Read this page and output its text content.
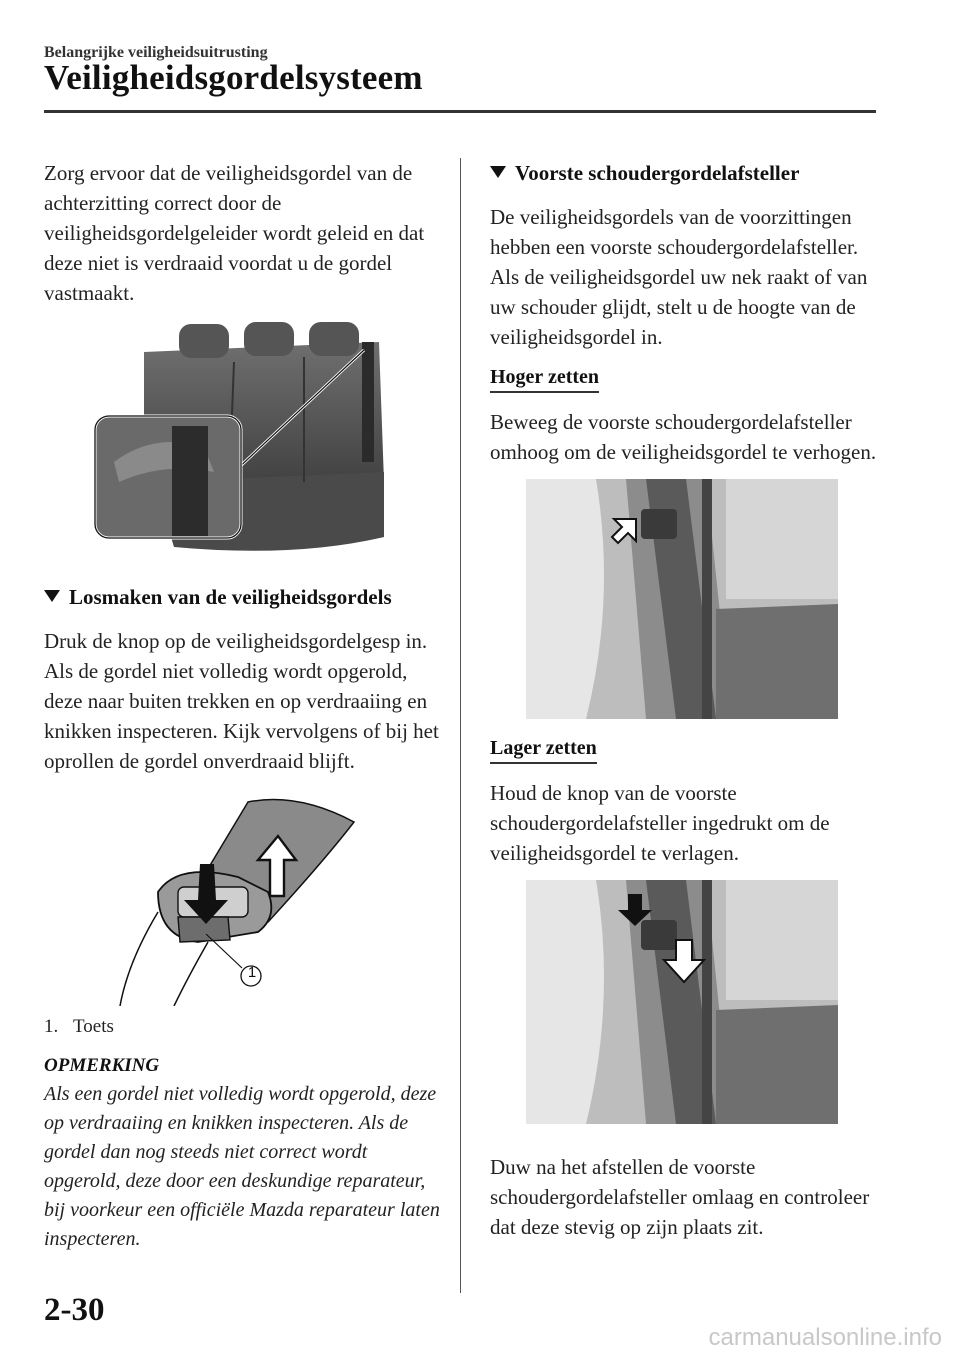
Belangrijke veiligheidsuitrusting
Veiligheidsgordelsysteem

Zorg ervoor dat de veiligheidsgordel van de achterzitting correct door de veiligheidsgordelgeleider wordt geleid en dat deze niet is verdraaid voordat u de gordel vastmaakt.

Losmaken van de veiligheidsgordels

Druk de knop op de veiligheidsgordelgesp in. Als de gordel niet volledig wordt opgerold, deze naar buiten trekken en op verdraaiing en knikken inspecteren. Kijk vervolgens of bij het oprollen de gordel onverdraaid blijft.

1
1. Toets
OPMERKING

Als een gordel niet volledig wordt opgerold, deze op verdraaiing en knikken inspecteren. Als de gordel dan nog steeds niet correct wordt opgerold, deze door een deskundige reparateur, bij voorkeur een officiële Mazda reparateur laten inspecteren.

Voorste schoudergordelafsteller

De veiligheidsgordels van de voorzittingen hebben een voorste schoudergordelafsteller. Als de veiligheidsgordel uw nek raakt of van uw schouder glijdt, stelt u de hoogte van de veiligheidsgordel in.

Hoger zetten

Beweeg de voorste schoudergordelafsteller omhoog om de veiligheidsgordel te verhogen.

Lager zetten

Houd de knop van de voorste schoudergordelafsteller ingedrukt om de veiligheidsgordel te verlagen.

Duw na het afstellen de voorste schoudergordelafsteller omlaag en controleer dat deze stevig op zijn plaats zit.

2-30
carmanualsonline.info
